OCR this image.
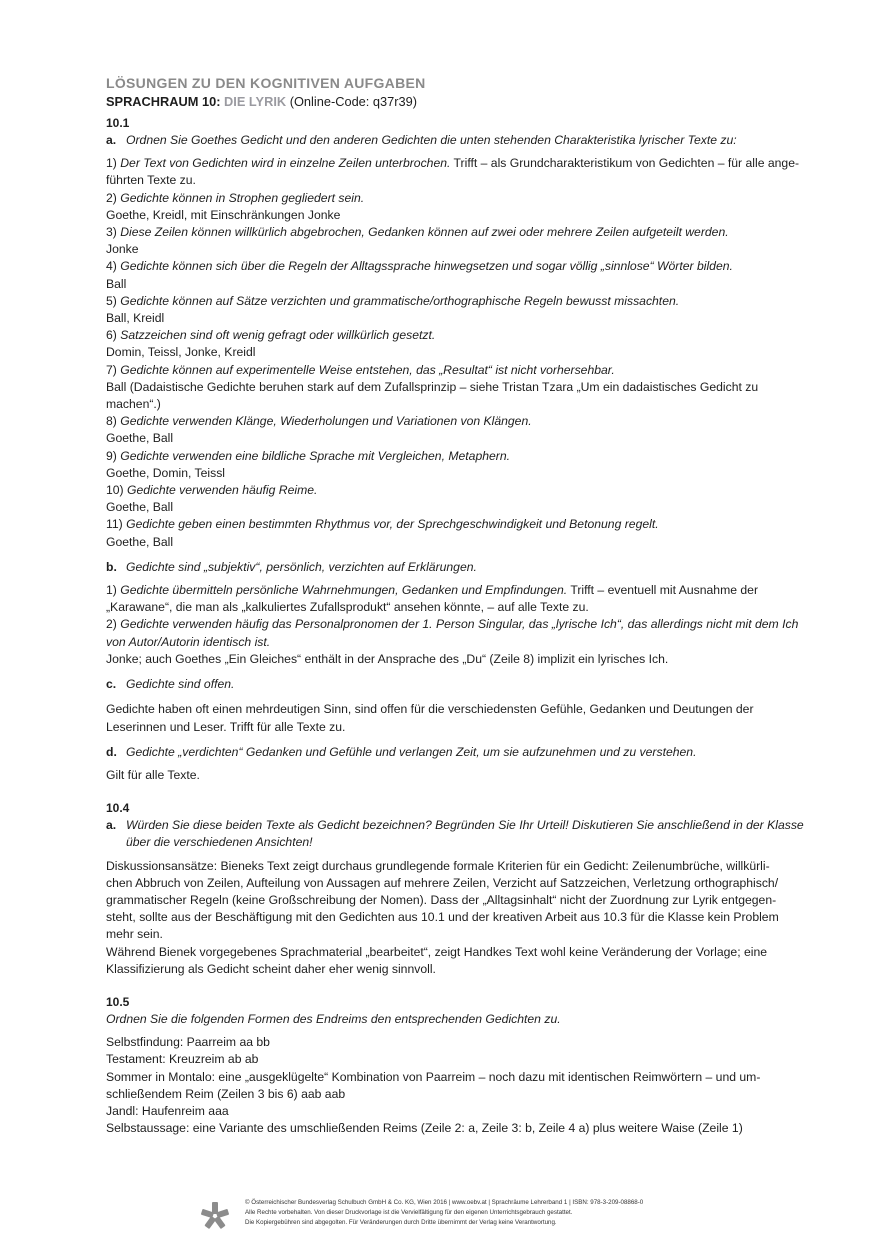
LÖSUNGEN ZU DEN KOGNITIVEN AUFGABEN
SPRACHRAUM 10: DIE LYRIK (Online-Code: q37r39)
10.1
a. Ordnen Sie Goethes Gedicht und den anderen Gedichten die unten stehenden Charakteristika lyrischer Texte zu:

1) Der Text von Gedichten wird in einzelne Zeilen unterbrochen. Trifft – als Grundcharakteristikum von Gedichten – für alle ange-

führten Texte zu.

2) Gedichte können in Strophen gegliedert sein.

Goethe, Kreidl, mit Einschränkungen Jonke

3) Diese Zeilen können willkürlich abgebrochen, Gedanken können auf zwei oder mehrere Zeilen aufgeteilt werden.

Jonke

4) Gedichte können sich über die Regeln der Alltagssprache hinwegsetzen und sogar völlig „sinnlose“ Wörter bilden.

Ball

5) Gedichte können auf Sätze verzichten und grammatische/orthographische Regeln bewusst missachten.

Ball, Kreidl

6) Satzzeichen sind oft wenig gefragt oder willkürlich gesetzt.

Domin, Teissl, Jonke, Kreidl

7) Gedichte können auf experimentelle Weise entstehen, das „Resultat“ ist nicht vorhersehbar.

Ball (Dadaistische Gedichte beruhen stark auf dem Zufallsprinzip – siehe Tristan Tzara „Um ein dadaistisches Gedicht zu

machen“.)

8) Gedichte verwenden Klänge, Wiederholungen und Variationen von Klängen.

Goethe, Ball

9) Gedichte verwenden eine bildliche Sprache mit Vergleichen, Metaphern.

Goethe, Domin, Teissl

10) Gedichte verwenden häufig Reime.

Goethe, Ball

11) Gedichte geben einen bestimmten Rhythmus vor, der Sprechgeschwindigkeit und Betonung regelt.

Goethe, Ball

b. Gedichte sind „subjektiv“, persönlich, verzichten auf Erklärungen.

1) Gedichte übermitteln persönliche Wahrnehmungen, Gedanken und Empfindungen. Trifft – eventuell mit Ausnahme der

„Karawane“, die man als „kalkuliertes Zufallsprodukt“ ansehen könnte, – auf alle Texte zu.

2) Gedichte verwenden häufig das Personalpronomen der 1. Person Singular, das „lyrische Ich“, das allerdings nicht mit dem Ich

von Autor/Autorin identisch ist.

Jonke; auch Goethes „Ein Gleiches“ enthält in der Ansprache des „Du“ (Zeile 8) implizit ein lyrisches Ich.

c. Gedichte sind offen.

Gedichte haben oft einen mehrdeutigen Sinn, sind offen für die verschiedensten Gefühle, Gedanken und Deutungen der

Leserinnen und Leser. Trifft für alle Texte zu.

d. Gedichte „verdichten“ Gedanken und Gefühle und verlangen Zeit, um sie aufzunehmen und zu verstehen.

Gilt für alle Texte.

10.4
a. Würden Sie diese beiden Texte als Gedicht bezeichnen? Begründen Sie Ihr Urteil! Diskutieren Sie anschließend in der Klasse
über die verschiedenen Ansichten!

Diskussionsansätze: Bieneks Text zeigt durchaus grundlegende formale Kriterien für ein Gedicht: Zeilenumbrüche, willkürli-

chen Abbruch von Zeilen, Aufteilung von Aussagen auf mehrere Zeilen, Verzicht auf Satzzeichen, Verletzung orthographisch/

grammatischer Regeln (keine Großschreibung der Nomen). Dass der „Alltagsinhalt“ nicht der Zuordnung zur Lyrik entgegen-

steht, sollte aus der Beschäftigung mit den Gedichten aus 10.1 und der kreativen Arbeit aus 10.3 für die Klasse kein Problem

mehr sein.

Während Bienek vorgegebenes Sprachmaterial „bearbeitet“, zeigt Handkes Text wohl keine Veränderung der Vorlage; eine

Klassifizierung als Gedicht scheint daher eher wenig sinnvoll.

10.5

Ordnen Sie die folgenden Formen des Endreims den entsprechenden Gedichten zu.

Selbstfindung: Paarreim aa bb

Testament: Kreuzreim ab ab

Sommer in Montalo: eine „ausgeklügelte“ Kombination von Paarreim – noch dazu mit identischen Reimwörtern – und um-

schließendem Reim (Zeilen 3 bis 6) aab aab

Jandl: Haufenreim aaa

Selbstaussage: eine Variante des umschließenden Reims (Zeile 2: a, Zeile 3: b, Zeile 4 a) plus weitere Waise (Zeile 1)

© Österreichischer Bundesverlag Schulbuch GmbH & Co. KG, Wien 2016 | www.oebv.at | Sprachräume Lehrerband 1 | ISBN: 978-3-209-08868-0
Alle Rechte vorbehalten. Von dieser Druckvorlage ist die Vervielfältigung für den eigenen Unterrichtsgebrauch gestattet.
Die Kopiergebühren sind abgegolten. Für Veränderungen durch Dritte übernimmt der Verlag keine Verantwortung.
